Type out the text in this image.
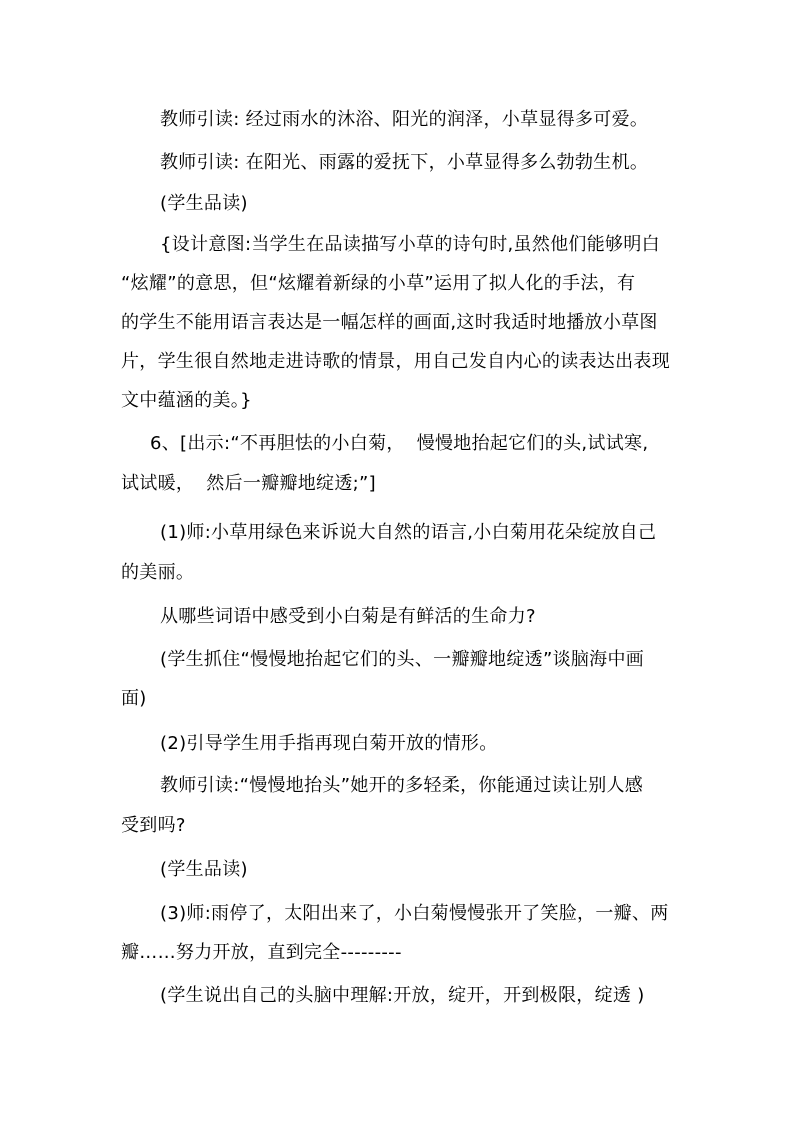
教师引读: 经过雨水的沐浴、阳光的润泽，小草显得多可爱。

教师引读: 在阳光、雨露的爱抚下，小草显得多么勃勃生机。

(学生品读)

{设计意图:当学生在品读描写小草的诗句时,虽然他们能够明白

“炫耀”的意思，但“炫耀着新绿的小草”运用了拟人化的手法，有

的学生不能用语言表达是一幅怎样的画面,这时我适时地播放小草图

片，学生很自然地走进诗歌的情景，用自己发自内心的读表达出表现

文中蕴涵的美。}

6、[出示:“不再胆怯的小白菊，  慢慢地抬起它们的头,试试寒,

试试暖，  然后一瓣瓣地绽透;”]

(1)师:小草用绿色来诉说大自然的语言,小白菊用花朵绽放自己

的美丽。

从哪些词语中感受到小白菊是有鲜活的生命力?

(学生抓住“慢慢地抬起它们的头、一瓣瓣地绽透”谈脑海中画

面)

(2)引导学生用手指再现白菊开放的情形。

教师引读:“慢慢地抬头”她开的多轻柔，你能通过读让别人感

受到吗?

(学生品读)

(3)师:雨停了，太阳出来了，小白菊慢慢张开了笑脸，一瓣、两

瓣……努力开放，直到完全---------

(学生说出自己的头脑中理解:开放，绽开，开到极限，绽透 )
